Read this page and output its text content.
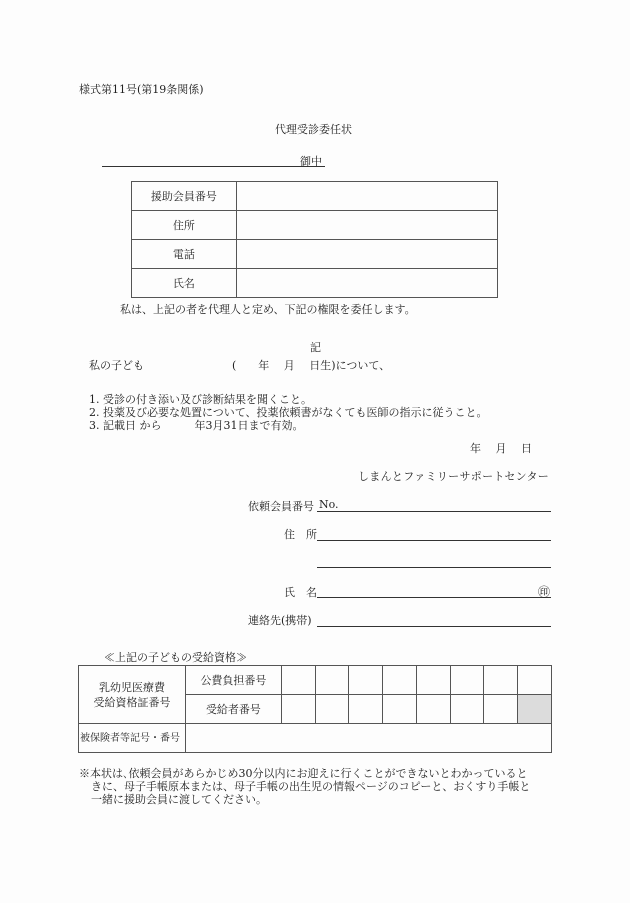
様式第11号(第19条関係)
代理受診委任状
御中
援助会員番号	
住所	
電話	
氏名	
私は、上記の者を代理人と定め、下記の権限を委任します。
記
私の子ども	(　　年　 月　 日生)について、
1. 受診の付き添い及び診断結果を聞くこと。
2. 投薬及び必要な処置について、投薬依頼書がなくても医師の指示に従うこと。
3. 記載日 から　　　年3月31日まで有効。
年　 月　 日
しまんとファミリーサポートセンター
依頼会員番号 No.
住　所
氏　名	㊞
連絡先(携帯)
≪上記の子どもの受給資格≫
乳幼児医療費
受給資格証番号	公費負担番号								
	受給者番号								
被保険者等記号・番号									
※本状は､依頼会員があらかじめ30分以内にお迎えに行くことができないとわかっていると
きに、母子手帳原本または、母子手帳の出生児の情報ページのコピーと、おくすり手帳と
一緒に援助会員に渡してください。
